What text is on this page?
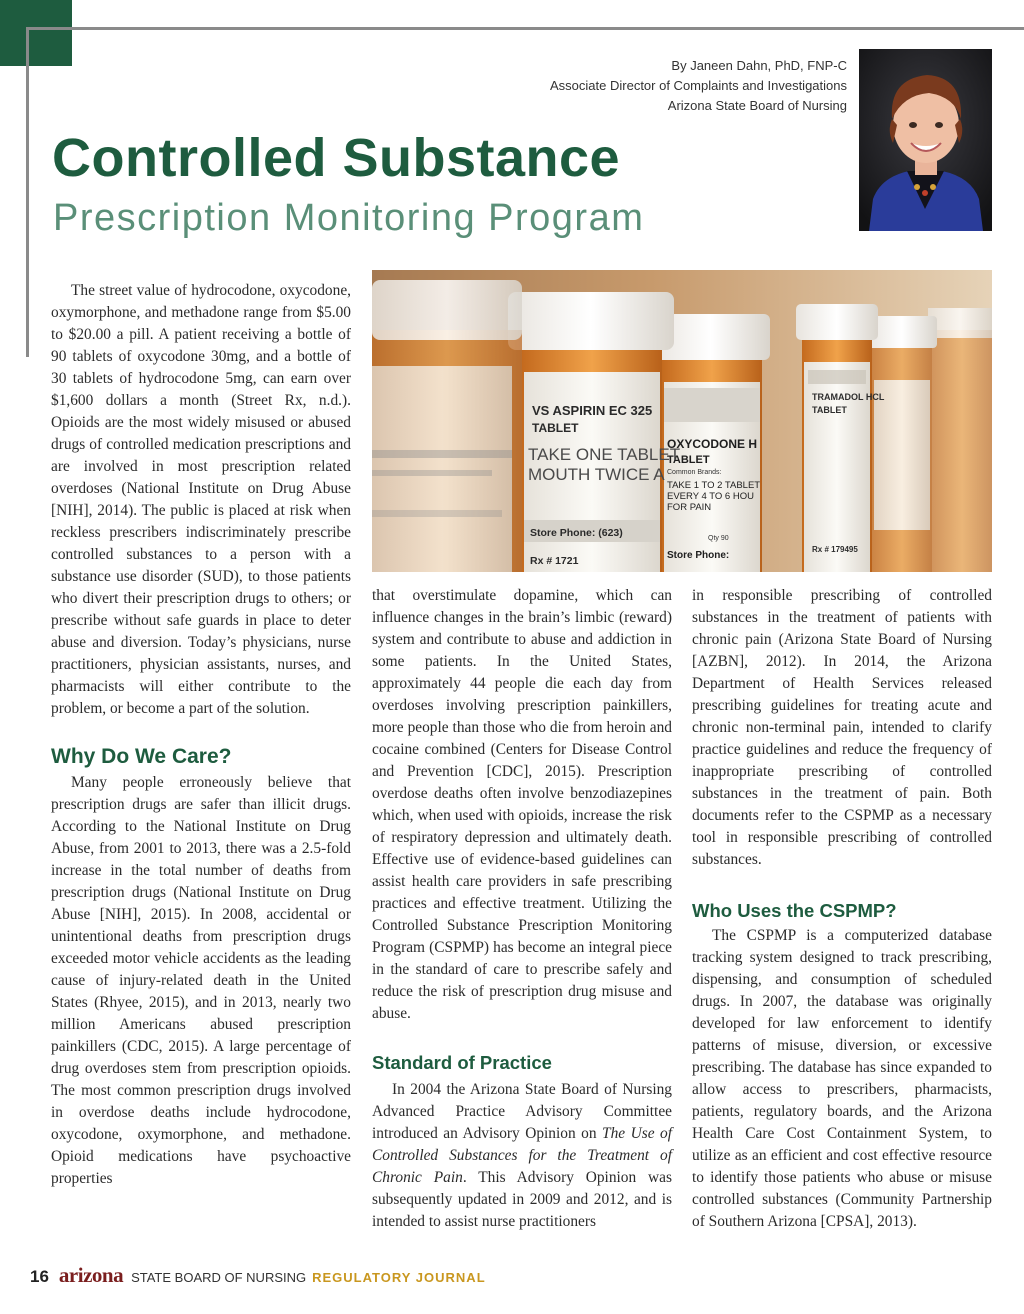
By Janeen Dahn, PhD, FNP-C
Associate Director of Complaints and Investigations
Arizona State Board of Nursing
Controlled Substance
Prescription Monitoring Program
TRAMADOL HCL
TABLET
Rx # 179495
OXYCODONE H
TABLET
Common Brands:
TAKE 1 TO 2 TABLET
EVERY 4 TO 6 HOU
FOR PAIN
Qty 90
Store Phone:
VS ASPIRIN EC 325
TABLET
TAKE ONE TABLET
MOUTH TWICE A
Store Phone: (623)
Rx # 1721

The street value of hydrocodone, oxycodone, oxymorphone, and methadone range from $5.00 to $20.00 a pill. A patient receiving a bottle of 90 tablets of oxycodone 30mg, and a bottle of 30 tablets of hydrocodone 5mg, can earn over $1,600 dollars a month (Street Rx, n.d.). Opioids are the most widely misused or abused drugs of controlled medication prescriptions and are involved in most prescription related overdoses (National Institute on Drug Abuse [NIH], 2014). The public is placed at risk when reckless prescribers indiscriminately prescribe controlled substances to a person with a substance use disorder (SUD), to those patients who divert their prescription drugs to others; or prescribe without safe guards in place to deter abuse and diversion. Today’s physicians, nurse practitioners, physician assistants, nurses, and pharmacists will either contribute to the problem, or become a part of the solution.

Why Do We Care?

Many people erroneously believe that prescription drugs are safer than illicit drugs. According to the National Institute on Drug Abuse, from 2001 to 2013, there was a 2.5-fold increase in the total number of deaths from prescription drugs (National Institute on Drug Abuse [NIH], 2015). In 2008, accidental or unintentional deaths from prescription drugs exceeded motor vehicle accidents as the leading cause of injury-related death in the United States (Rhyee, 2015), and in 2013, nearly two million Americans abused prescription painkillers (CDC, 2015). A large percentage of drug overdoses stem from prescription opioids. The most common prescription drugs involved in overdose deaths include hydrocodone, oxycodone, oxymorphone, and methadone. Opioid medications have psychoactive properties

that overstimulate dopamine, which can influence changes in the brain’s limbic (reward) system and contribute to abuse and addiction in some patients. In the United States, approximately 44 people die each day from overdoses involving prescription painkillers, more people than those who die from heroin and cocaine combined (Centers for Disease Control and Prevention [CDC], 2015). Prescription overdose deaths often involve benzodiazepines which, when used with opioids, increase the risk of respiratory depression and ultimately death. Effective use of evidence-based guidelines can assist health care providers in safe prescribing practices and effective treatment. Utilizing the Controlled Substance Prescription Monitoring Program (CSPMP) has become an integral piece in the standard of care to prescribe safely and reduce the risk of prescription drug misuse and abuse.

Standard of Practice

In 2004 the Arizona State Board of Nursing Advanced Practice Advisory Committee introduced an Advisory Opinion on The Use of Controlled Substances for the Treatment of Chronic Pain. This Advisory Opinion was subsequently updated in 2009 and 2012, and is intended to assist nurse practitioners

in responsible prescribing of controlled substances in the treatment of patients with chronic pain (Arizona State Board of Nursing [AZBN], 2012). In 2014, the Arizona Department of Health Services released prescribing guidelines for treating acute and chronic non-terminal pain, intended to clarify practice guidelines and reduce the frequency of inappropriate prescribing of controlled substances in the treatment of pain. Both documents refer to the CSPMP as a necessary tool in responsible prescribing of controlled substances.

Who Uses the CSPMP?

The CSPMP is a computerized database tracking system designed to track prescribing, dispensing, and consumption of scheduled drugs. In 2007, the database was originally developed for law enforcement to identify patterns of misuse, diversion, or excessive prescribing. The database has since expanded to allow access to prescribers, pharmacists, patients, regulatory boards, and the Arizona Health Care Cost Containment System, to utilize as an efficient and cost effective resource to identify those patients who abuse or misuse controlled substances (Community Partnership of Southern Arizona [CPSA], 2013).

16 arizona STATE BOARD OF NURSING REGULATORY JOURNAL
